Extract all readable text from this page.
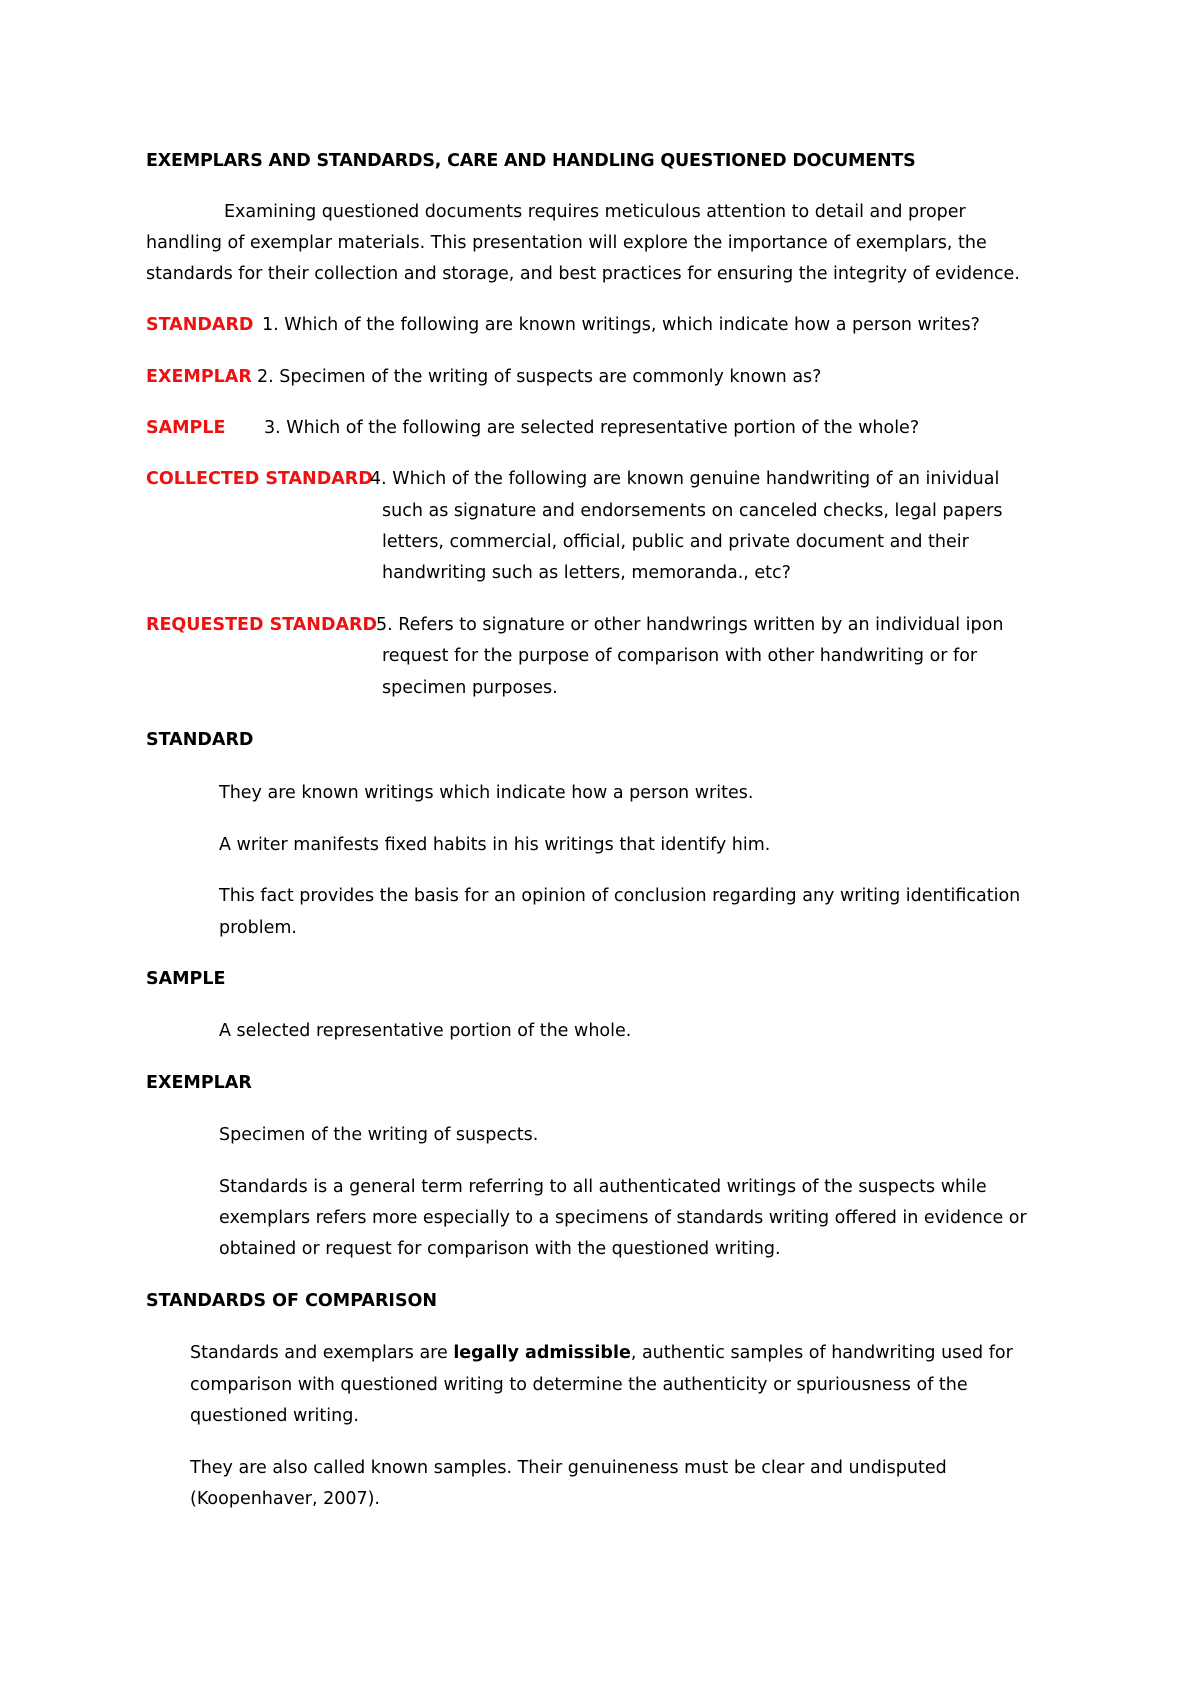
EXEMPLARS AND STANDARDS, CARE AND HANDLING QUESTIONED DOCUMENTS
Examining questioned documents requires meticulous attention to detail and proper
handling of exemplar materials. This presentation will explore the importance of exemplars, the
standards for their collection and storage, and best practices for ensuring the integrity of evidence.
STANDARD 1. Which of the following are known writings, which indicate how a person writes?
EXEMPLAR 2. Specimen of the writing of suspects are commonly known as?
SAMPLE 3. Which of the following are selected representative portion of the whole?
COLLECTED STANDARD
4. Which of the following are known genuine handwriting of an inividual
such as signature and endorsements on canceled checks, legal papers
letters, commercial, official, public and private document and their
handwriting such as letters, memoranda., etc?
REQUESTED STANDARD
5. Refers to signature or other handwrings written by an individual ipon
request for the purpose of comparison with other handwriting or for
specimen purposes.
STANDARD
They are known writings which indicate how a person writes.
A writer manifests fixed habits in his writings that identify him.
This fact provides the basis for an opinion of conclusion regarding any writing identification
problem.
SAMPLE
A selected representative portion of the whole.
EXEMPLAR
Specimen of the writing of suspects.
Standards is a general term referring to all authenticated writings of the suspects while
exemplars refers more especially to a specimens of standards writing offered in evidence or
obtained or request for comparison with the questioned writing.
STANDARDS OF COMPARISON
Standards and exemplars are legally admissible, authentic samples of handwriting used for
comparison with questioned writing to determine the authenticity or spuriousness of the
questioned writing.
They are also called known samples. Their genuineness must be clear and undisputed
(Koopenhaver, 2007).
